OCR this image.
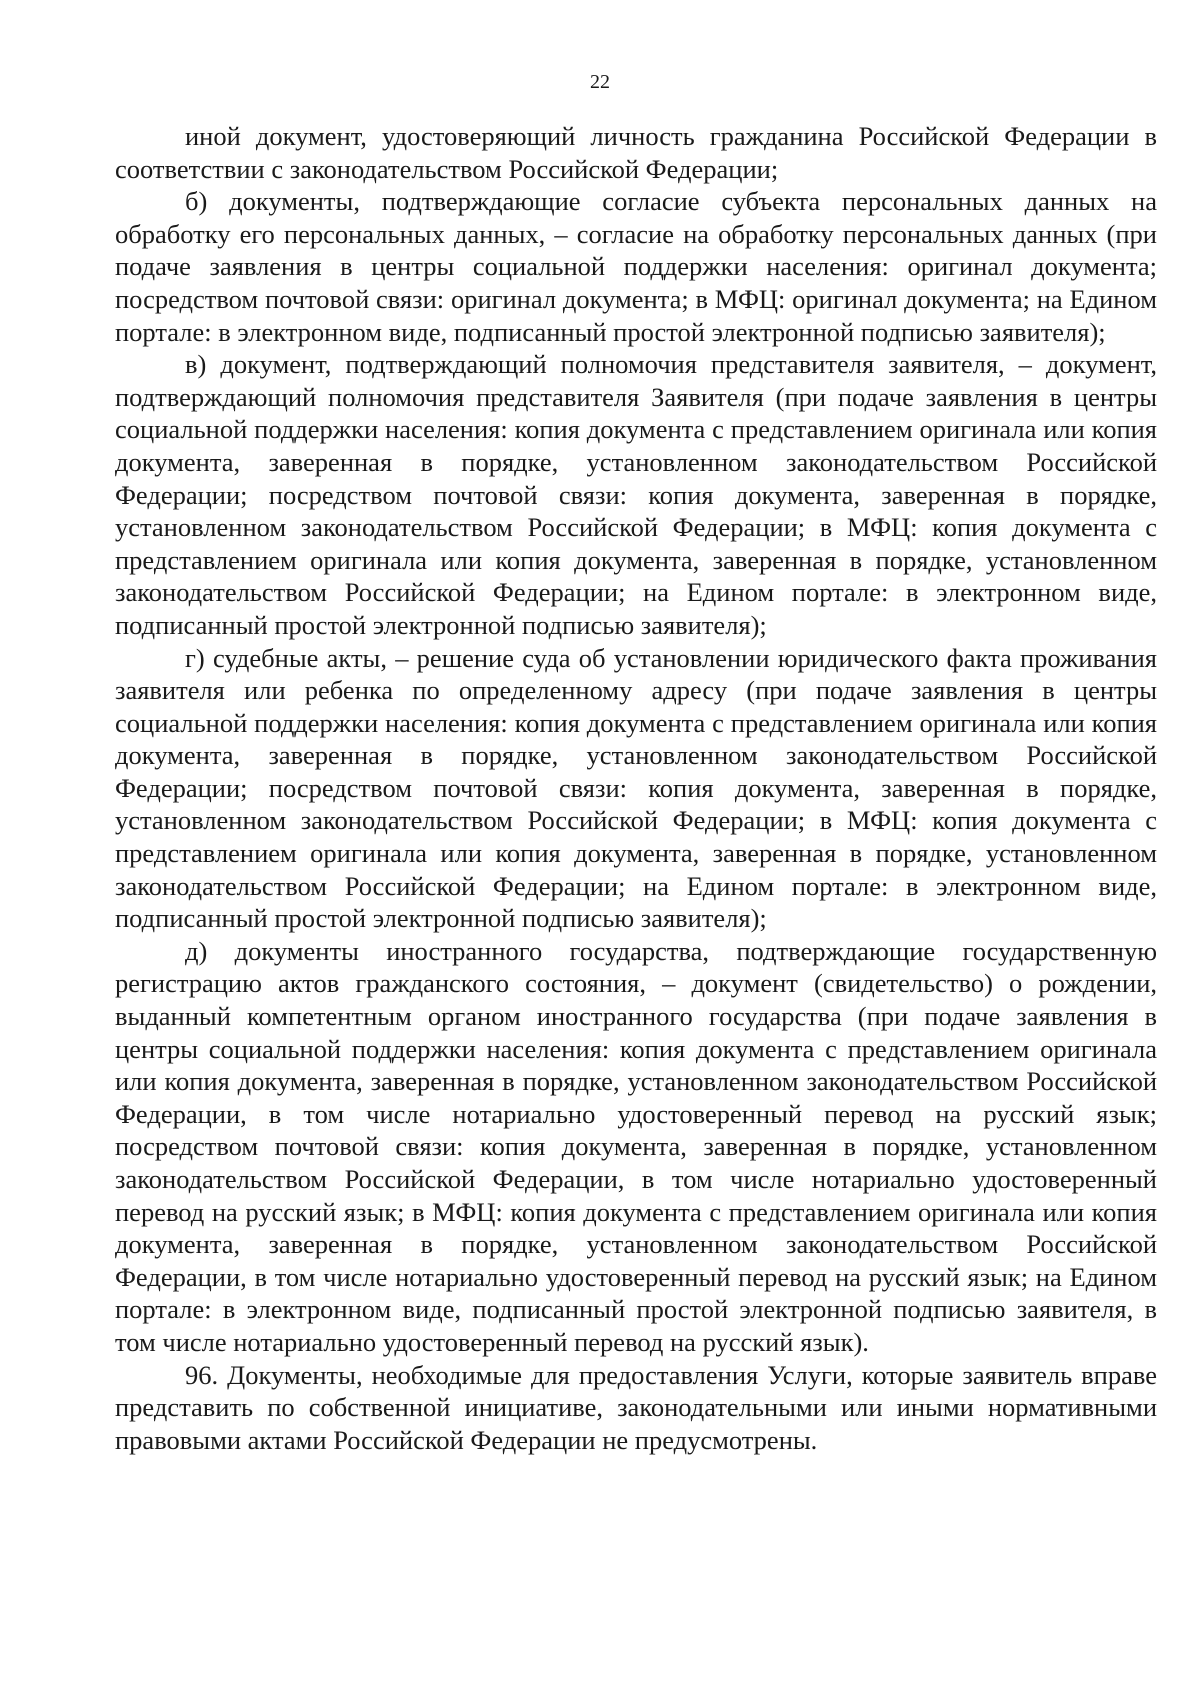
22

иной документ, удостоверяющий личность гражданина Российской Федерации в соответствии с законодательством Российской Федерации;

б) документы, подтверждающие согласие субъекта персональных данных на обработку его персональных данных, – согласие на обработку персональных данных (при подаче заявления в центры социальной поддержки населения: оригинал документа; посредством почтовой связи: оригинал документа; в МФЦ: оригинал документа; на Едином портале: в электронном виде, подписанный простой электронной подписью заявителя);

в) документ, подтверждающий полномочия представителя заявителя, – документ, подтверждающий полномочия представителя Заявителя (при подаче заявления в центры социальной поддержки населения: копия документа с представлением оригинала или копия документа, заверенная в порядке, установленном законодательством Российской Федерации; посредством почтовой связи: копия документа, заверенная в порядке, установленном законодательством Российской Федерации; в МФЦ: копия документа с представлением оригинала или копия документа, заверенная в порядке, установленном законодательством Российской Федерации; на Едином портале: в электронном виде, подписанный простой электронной подписью заявителя);

г) судебные акты, – решение суда об установлении юридического факта проживания заявителя или ребенка по определенному адресу (при подаче заявления в центры социальной поддержки населения: копия документа с представлением оригинала или копия документа, заверенная в порядке, установленном законодательством Российской Федерации; посредством почтовой связи: копия документа, заверенная в порядке, установленном законодательством Российской Федерации; в МФЦ: копия документа с представлением оригинала или копия документа, заверенная в порядке, установленном законодательством Российской Федерации; на Едином портале: в электронном виде, подписанный простой электронной подписью заявителя);

д) документы иностранного государства, подтверждающие государственную регистрацию актов гражданского состояния, – документ (свидетельство) о рождении, выданный компетентным органом иностранного государства (при подаче заявления в центры социальной поддержки населения: копия документа с представлением оригинала или копия документа, заверенная в порядке, установленном законодательством Российской Федерации, в том числе нотариально удостоверенный перевод на русский язык; посредством почтовой связи: копия документа, заверенная в порядке, установленном законодательством Российской Федерации, в том числе нотариально удостоверенный перевод на русский язык; в МФЦ: копия документа с представлением оригинала или копия документа, заверенная в порядке, установленном законодательством Российской Федерации, в том числе нотариально удостоверенный перевод на русский язык; на Едином портале: в электронном виде, подписанный простой электронной подписью заявителя, в том числе нотариально удостоверенный перевод на русский язык).

96. Документы, необходимые для предоставления Услуги, которые заявитель вправе представить по собственной инициативе, законодательными или иными нормативными правовыми актами Российской Федерации не предусмотрены.
